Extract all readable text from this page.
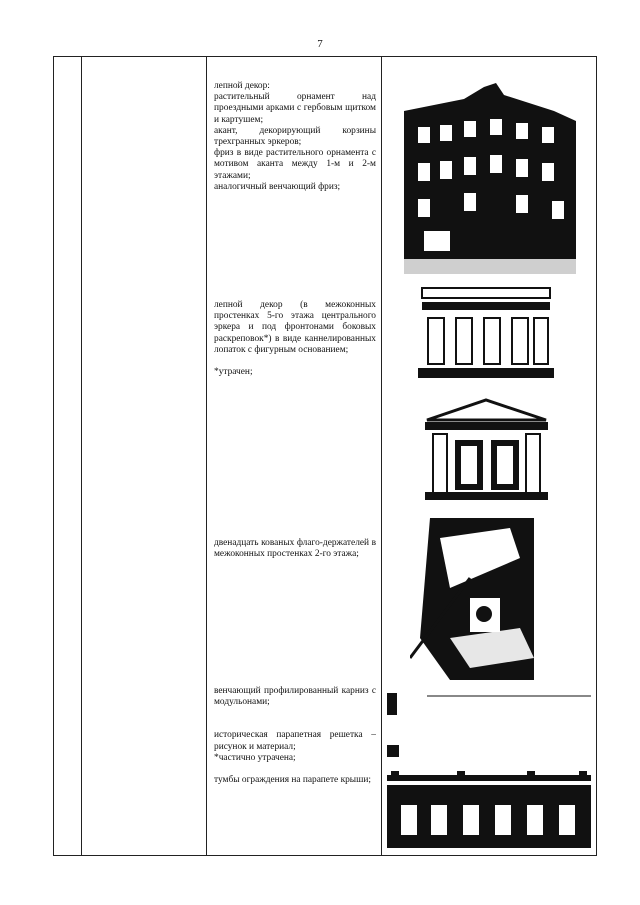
7

лепной декор:

растительный орнамент над проездными арками с гербовым щитком и картушем;

акант, декорирующий корзины трехгранных эркеров;

фриз в виде растительного орнамента с мотивом аканта между 1-м и 2-м этажами;

аналогичный венчающий фриз;

лепной декор (в межоконных простенках 5-го этажа центрального эркера и под фронтонами боковых раскреповок*) в виде каннелированных лопаток с фигурным основанием;

*утрачен;

двенадцать кованых флаго-держателей в межоконных простенках 2-го этажа;

венчающий профилированный карниз с модульонами;

историческая парапетная решетка – рисунок и материал;

*частично утрачена;

тумбы ограждения на парапете крыши;
